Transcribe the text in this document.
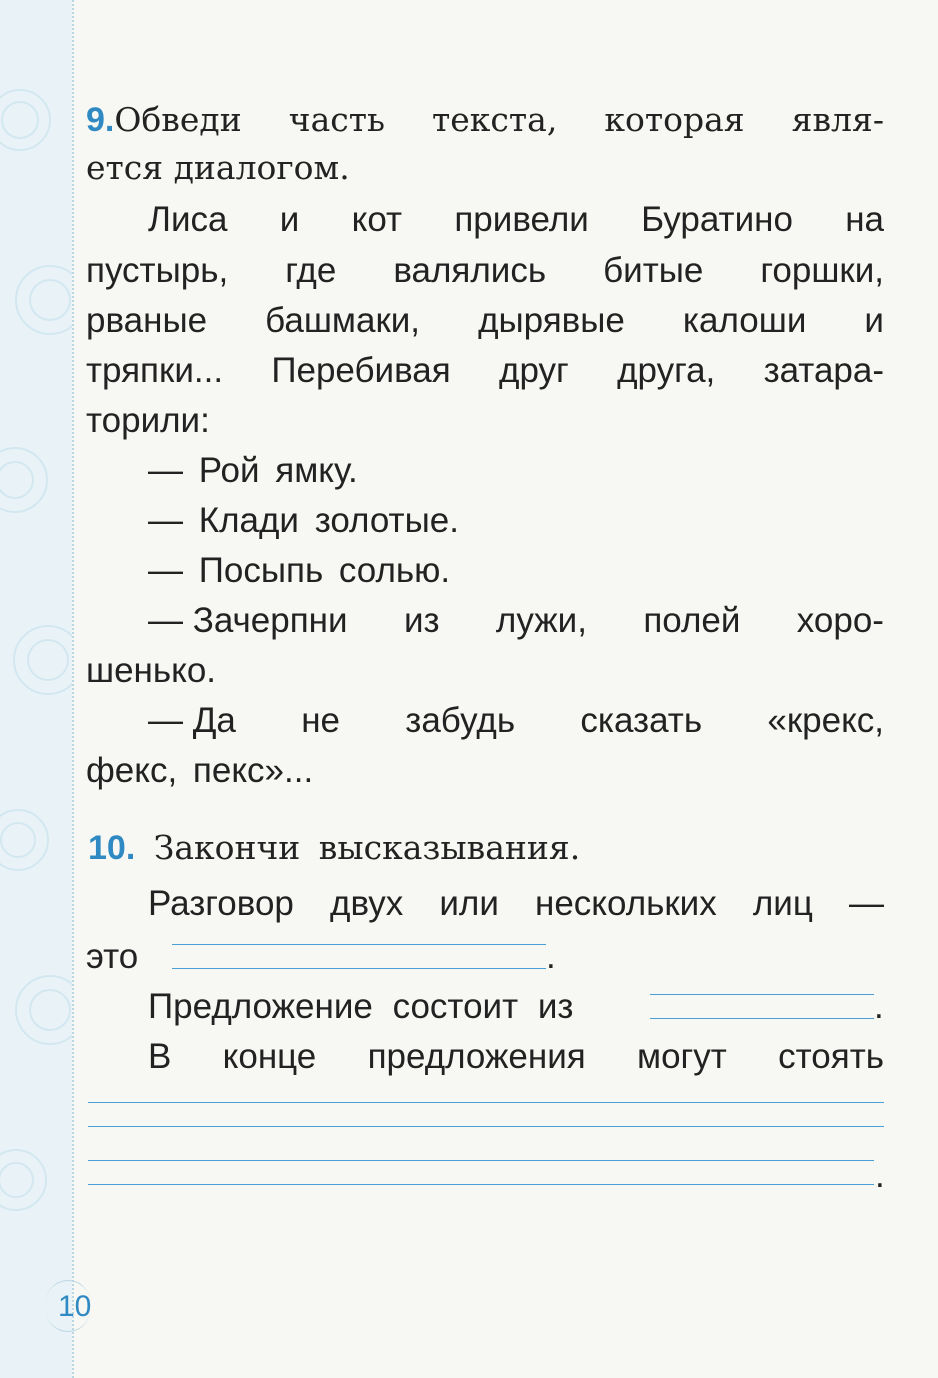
9.Обведи часть текста, которая явля-
ется диалогом.
Лиса и кот привели Буратино на
пустырь, где валялись битые горшки,
рваные башмаки, дырявые калоши и
тряпки... Перебивая друг друга, затара-
торили:
— Рой ямку.
— Клади золотые.
— Посыпь солью.
— Зачерпни из лужи, полей хоро-
шенько.
— Да не забудь сказать «крекс,
фекс, пекс»...
10. Закончи высказывания.
Разговор двух или нескольких лиц —
это	.
Предложение состоит из	.
В конце предложения могут стоять
.
10
